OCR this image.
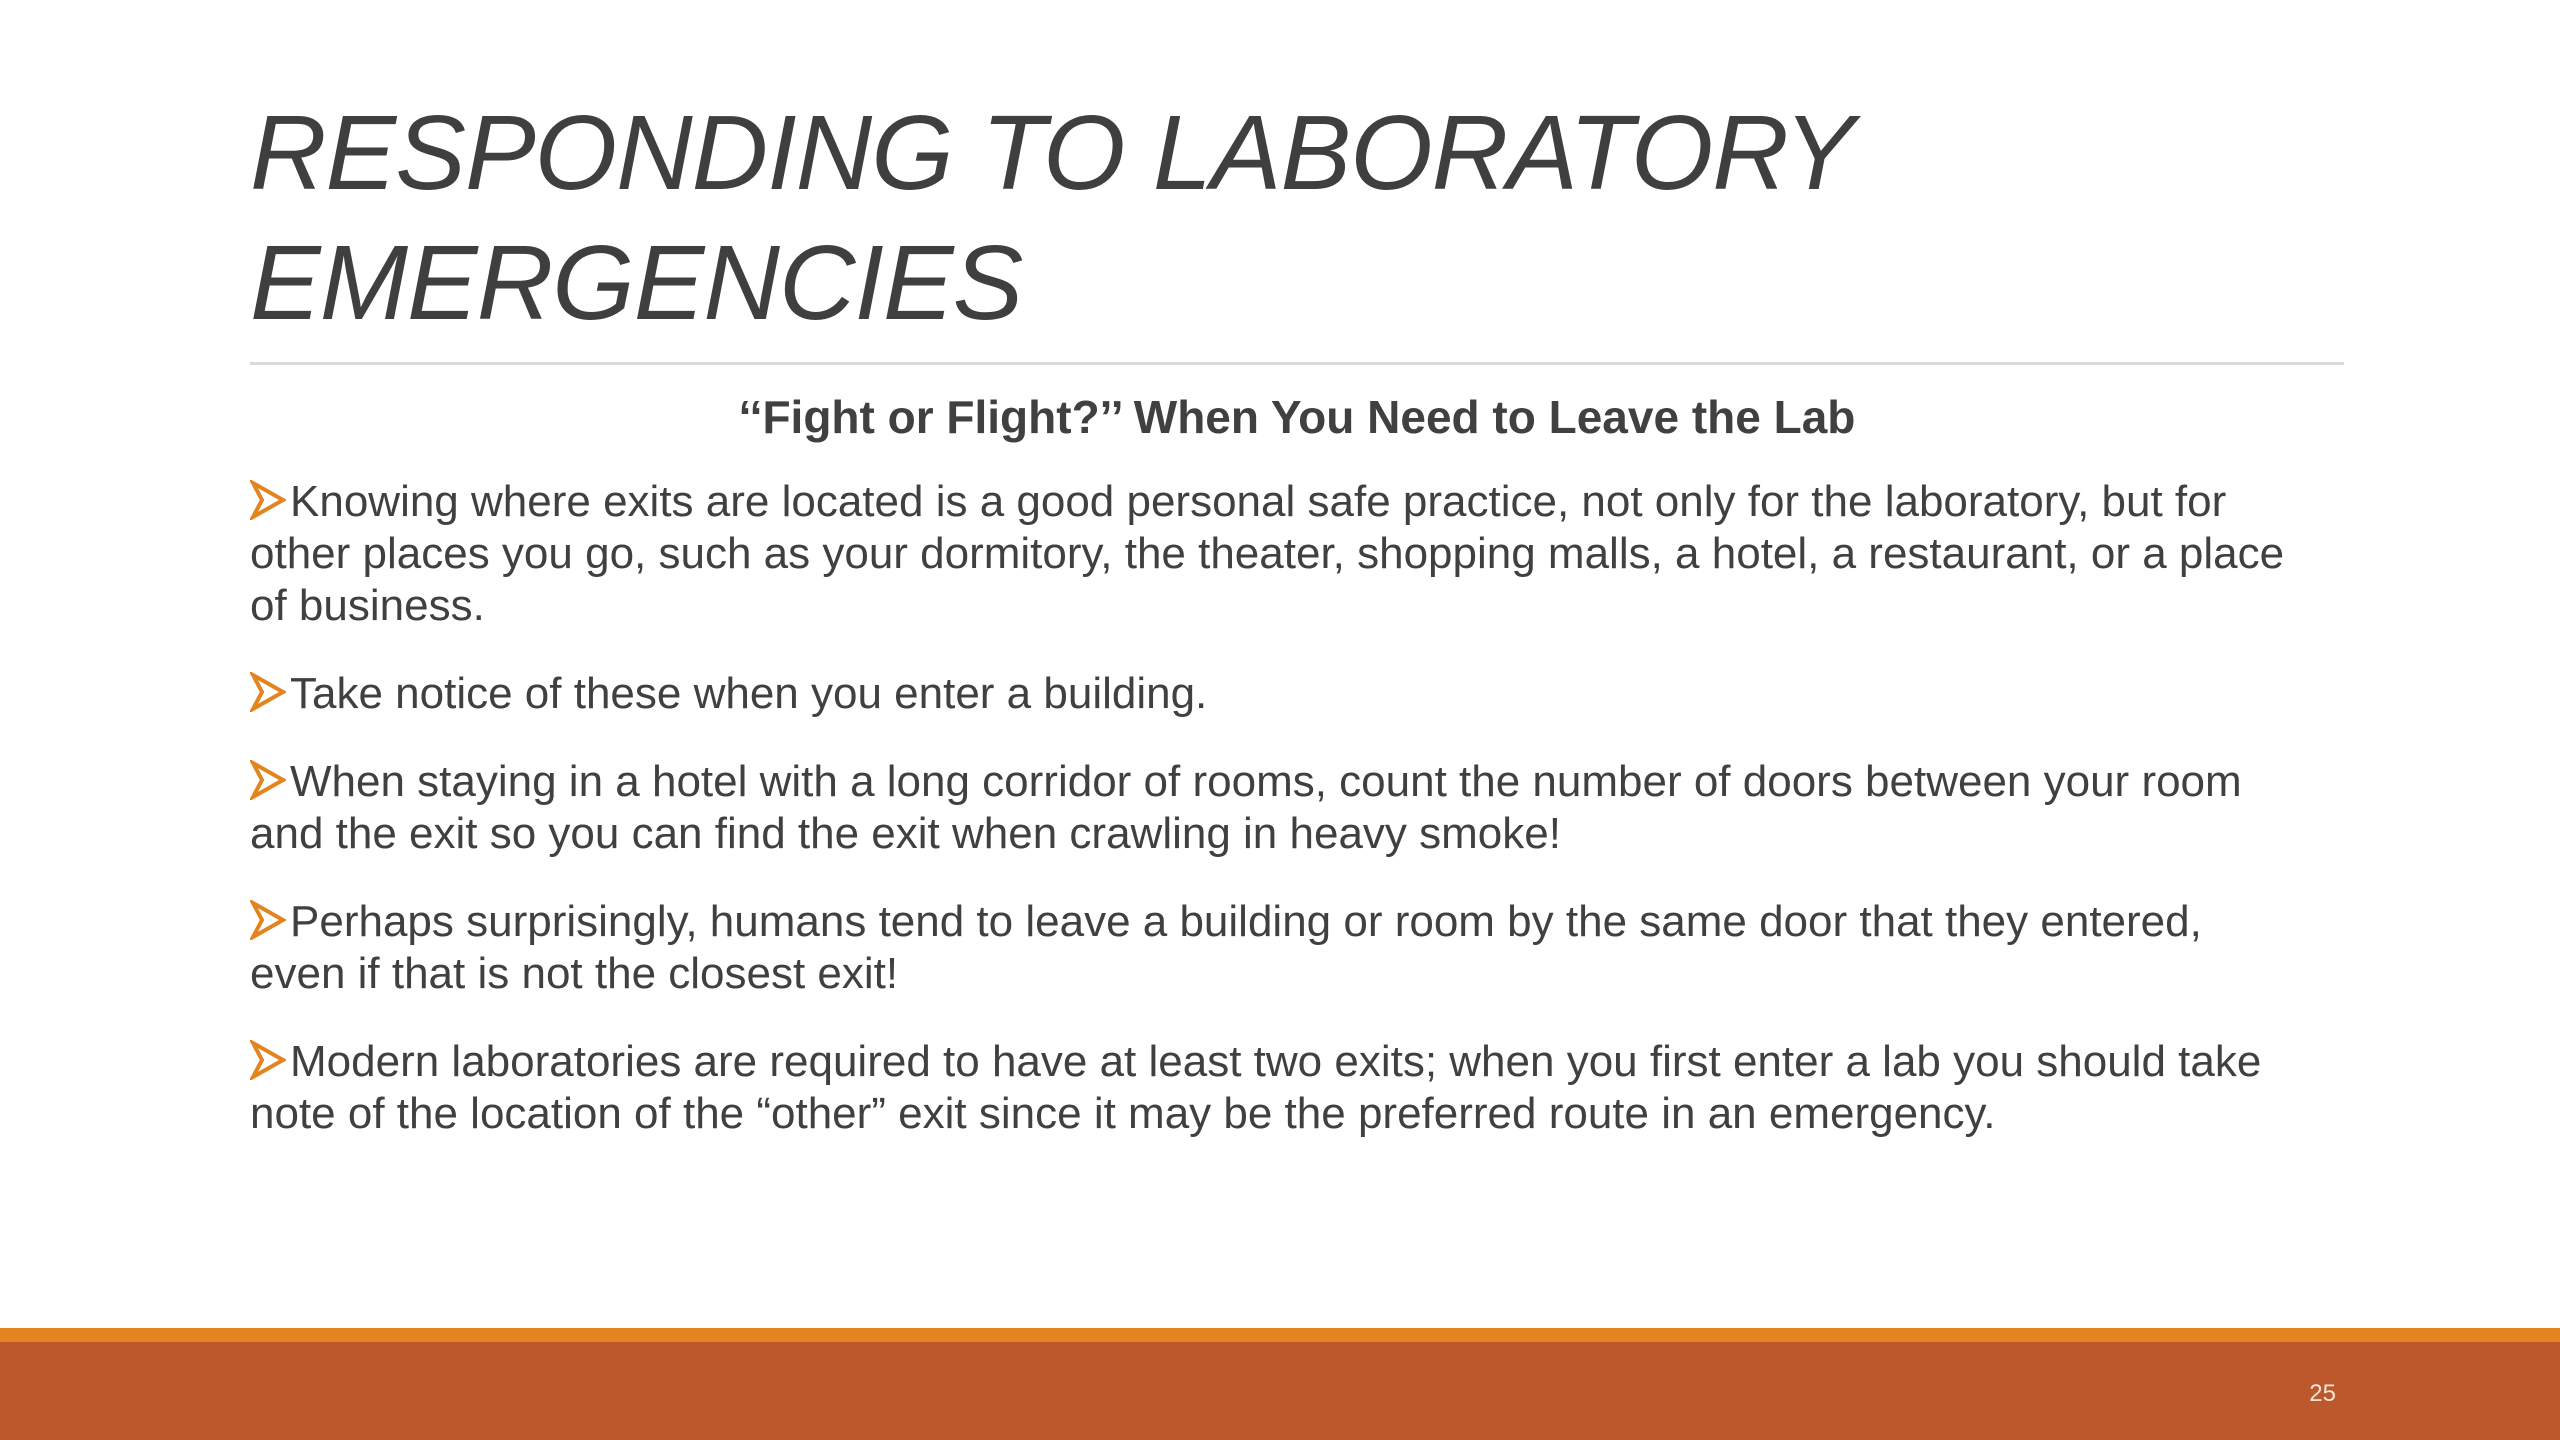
RESPONDING TO LABORATORY
EMERGENCIES
‘‘Fight or Flight?’’ When You Need to Leave the Lab
Knowing where exits are located is a good personal safe practice, not only for the laboratory, but for other places you go, such as your dormitory, the theater, shopping malls, a hotel, a restaurant, or a place of business.
Take notice of these when you enter a building.
When staying in a hotel with a long corridor of rooms, count the number of doors between your room and the exit so you can find the exit when crawling in heavy smoke!
Perhaps surprisingly, humans tend to leave a building or room by the same door that they entered, even if that is not the closest exit!
Modern laboratories are required to have at least two exits; when you first enter a lab you should take note of the location of the “other” exit since it may be the preferred route in an emergency.
25
